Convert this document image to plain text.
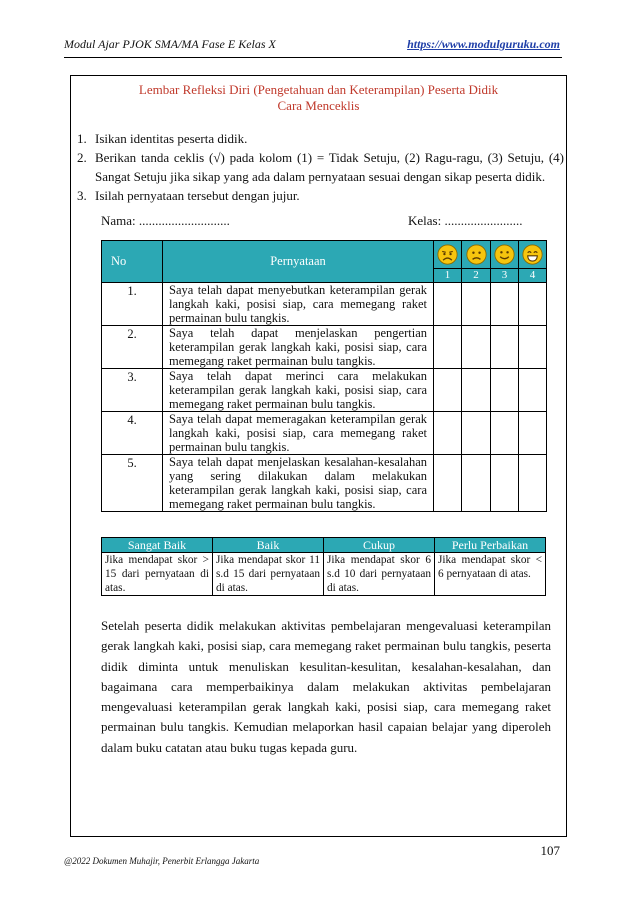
Modul Ajar PJOK SMA/MA Fase E Kelas X	https://www.modulguruku.com
Lembar Refleksi Diri (Pengetahuan dan Keterampilan) Peserta Didik
Cara Menceklis
1. Isikan identitas peserta didik.
2. Berikan tanda ceklis (√) pada kolom (1) = Tidak Setuju, (2) Ragu-ragu, (3) Setuju, (4) Sangat Setuju jika sikap yang ada dalam pernyataan sesuai dengan sikap peserta didik.
3. Isilah pernyataan tersebut dengan jujur.
Nama: ............................	Kelas: ........................
No	Pernyataan				
		1	2	3	4
1.	Saya telah dapat menyebutkan keterampilan gerak langkah kaki, posisi siap, cara memegang raket permainan bulu tangkis.				
2.	Saya telah dapat menjelaskan pengertian keterampilan gerak langkah kaki, posisi siap, cara memegang raket permainan bulu tangkis.				
3.	Saya telah dapat merinci cara melakukan keterampilan gerak langkah kaki, posisi siap, cara memegang raket permainan bulu tangkis.				
4.	Saya telah dapat memeragakan keterampilan gerak langkah kaki, posisi siap, cara memegang raket permainan bulu tangkis.				
5.	Saya telah dapat menjelaskan kesalahan-kesalahan yang sering dilakukan dalam melakukan keterampilan gerak langkah kaki, posisi siap, cara memegang raket permainan bulu tangkis.				
Sangat Baik	Baik	Cukup	Perlu Perbaikan
Jika mendapat skor > 15 dari pernyataan di atas.	Jika mendapat skor 11 s.d 15 dari pernyataan di atas.	Jika mendapat skor 6 s.d 10 dari pernyataan di atas.	Jika mendapat skor < 6 pernyataan di atas.
Setelah peserta didik melakukan aktivitas pembelajaran mengevaluasi keterampilan gerak langkah kaki, posisi siap, cara memegang raket permainan bulu tangkis, peserta didik diminta untuk menuliskan kesulitan-kesulitan, kesalahan-kesalahan, dan bagaimana cara memperbaikinya dalam melakukan aktivitas pembelajaran mengevaluasi keterampilan gerak langkah kaki, posisi siap, cara memegang raket permainan bulu tangkis. Kemudian melaporkan hasil capaian belajar yang diperoleh dalam buku catatan atau buku tugas kepada guru.
107
@2022 Dokumen Muhajir, Penerbit Erlangga Jakarta
